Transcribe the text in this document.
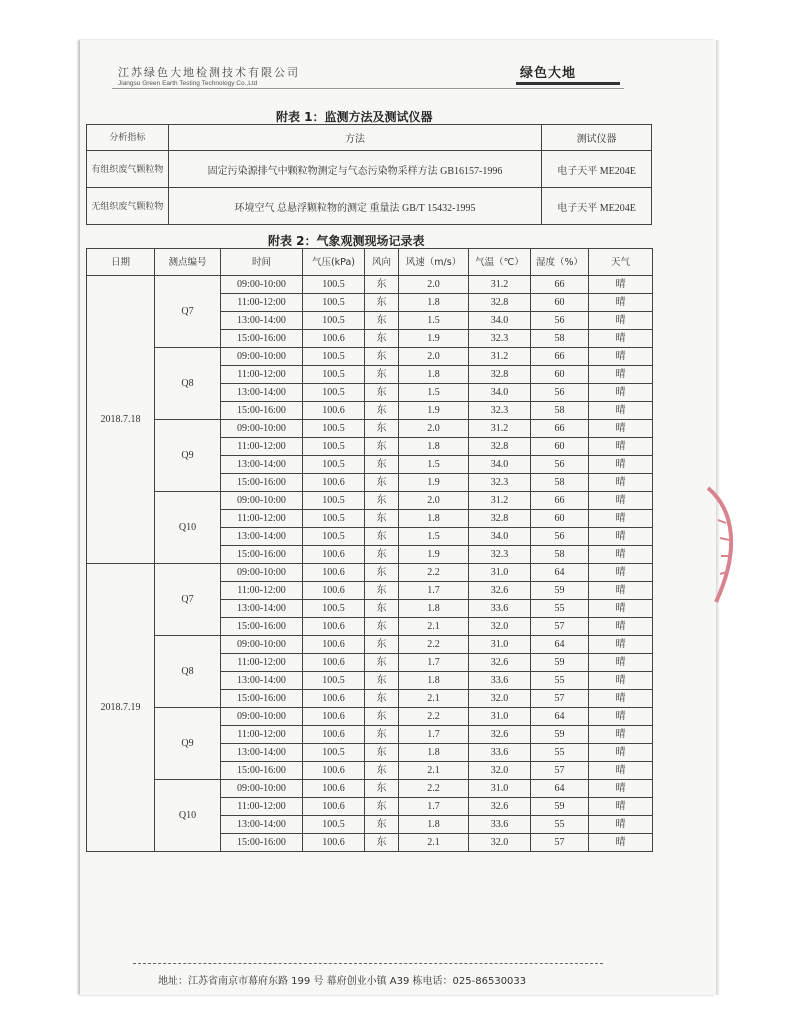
江苏绿色大地检测技术有限公司
Jiangsu Green Earth Testing Technology Co.,Ltd
绿色大地
附表 1：监测方法及测试仪器
分析指标	方法	测试仪器
有组织废气颗粒物	固定污染源排气中颗粒物测定与气态污染物采样方法 GB16157-1996	电子天平 ME204E
无组织废气颗粒物	环境空气 总悬浮颗粒物的测定 重量法 GB/T 15432-1995	电子天平 ME204E
附表 2：气象观测现场记录表
日期	测点编号	时间	气压(kPa)	风向	风速（m/s）	气温（℃）	湿度（%）	天气
2018.7.18	Q7	09:00-10:00	100.5	东	2.0	31.2	66	晴
		11:00-12:00	100.5	东	1.8	32.8	60	晴
		13:00-14:00	100.5	东	1.5	34.0	56	晴
		15:00-16:00	100.6	东	1.9	32.3	58	晴
	Q8	09:00-10:00	100.5	东	2.0	31.2	66	晴
		11:00-12:00	100.5	东	1.8	32.8	60	晴
		13:00-14:00	100.5	东	1.5	34.0	56	晴
		15:00-16:00	100.6	东	1.9	32.3	58	晴
	Q9	09:00-10:00	100.5	东	2.0	31.2	66	晴
		11:00-12:00	100.5	东	1.8	32.8	60	晴
		13:00-14:00	100.5	东	1.5	34.0	56	晴
		15:00-16:00	100.6	东	1.9	32.3	58	晴
	Q10	09:00-10:00	100.5	东	2.0	31.2	66	晴
		11:00-12:00	100.5	东	1.8	32.8	60	晴
		13:00-14:00	100.5	东	1.5	34.0	56	晴
		15:00-16:00	100.6	东	1.9	32.3	58	晴
2018.7.19	Q7	09:00-10:00	100.6	东	2.2	31.0	64	晴
		11:00-12:00	100.6	东	1.7	32.6	59	晴
		13:00-14:00	100.5	东	1.8	33.6	55	晴
		15:00-16:00	100.6	东	2.1	32.0	57	晴
	Q8	09:00-10:00	100.6	东	2.2	31.0	64	晴
		11:00-12:00	100.6	东	1.7	32.6	59	晴
		13:00-14:00	100.5	东	1.8	33.6	55	晴
		15:00-16:00	100.6	东	2.1	32.0	57	晴
	Q9	09:00-10:00	100.6	东	2.2	31.0	64	晴
		11:00-12:00	100.6	东	1.7	32.6	59	晴
		13:00-14:00	100.5	东	1.8	33.6	55	晴
		15:00-16:00	100.6	东	2.1	32.0	57	晴
	Q10	09:00-10:00	100.6	东	2.2	31.0	64	晴
		11:00-12:00	100.6	东	1.7	32.6	59	晴
		13:00-14:00	100.5	东	1.8	33.6	55	晴
		15:00-16:00	100.6	东	2.1	32.0	57	晴
地址：江苏省南京市幕府东路 199 号 幕府创业小镇 A39 栋电话：025-86530033
